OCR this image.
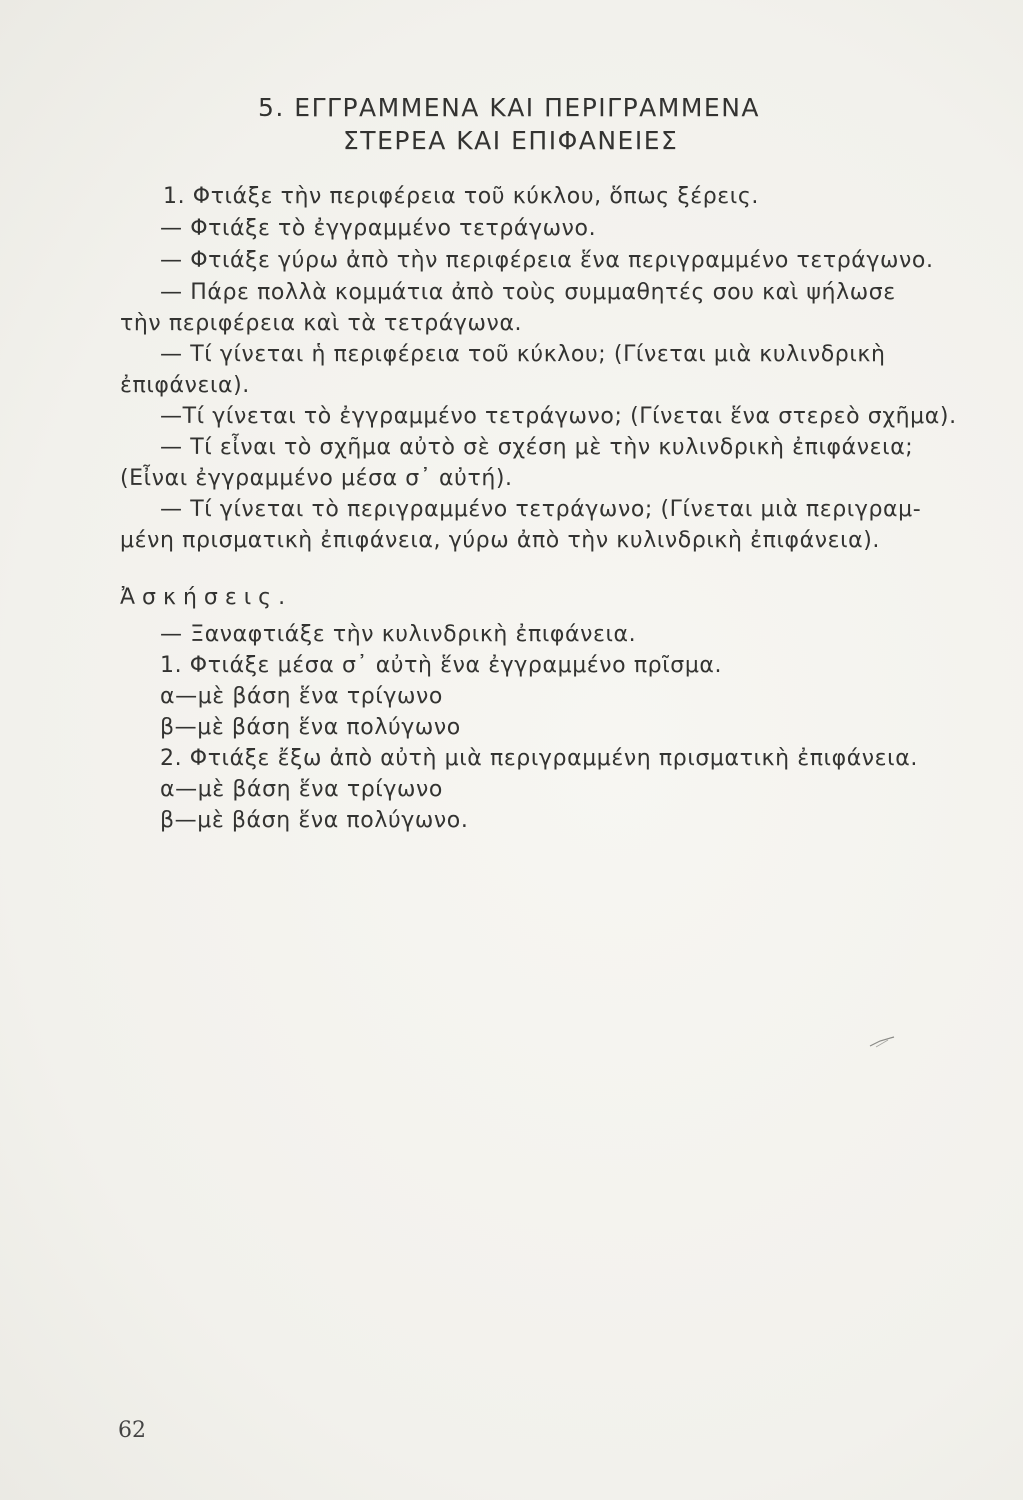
5. ΕΓΓΡΑΜΜΕΝΑ ΚΑΙ ΠΕΡΙΓΡΑΜΜΕΝΑ
ΣΤΕΡΕΑ ΚΑΙ ΕΠΙΦΑΝΕΙΕΣ
1. Φτιάξε τὴν περιφέρεια τοῦ κύκλου, ὅπως ξέρεις.
— Φτιάξε τὸ ἐγγραμμένο τετράγωνο.
— Φτιάξε γύρω ἀπὸ τὴν περιφέρεια ἕνα περιγραμμένο τετράγωνο.
— Πάρε πολλὰ κομμάτια ἀπὸ τοὺς συμμαθητές σου καὶ ψήλωσε
τὴν περιφέρεια καὶ τὰ τετράγωνα.
— Τί γίνεται ἡ περιφέρεια τοῦ κύκλου; (Γίνεται μιὰ κυλινδρικὴ
ἐπιφάνεια).
—Τί γίνεται τὸ ἐγγραμμένο τετράγωνο; (Γίνεται ἕνα στερεὸ σχῆμα).
— Τί εἶναι τὸ σχῆμα αὐτὸ σὲ σχέση μὲ τὴν κυλινδρικὴ ἐπιφάνεια;
(Εἶναι ἐγγραμμένο μέσα σ᾽ αὐτή).
— Τί γίνεται τὸ περιγραμμένο τετράγωνο; (Γίνεται μιὰ περιγραμ-
μένη πρισματικὴ ἐπιφάνεια, γύρω ἀπὸ τὴν κυλινδρικὴ ἐπιφάνεια).
Ἀσκήσεις.
— Ξαναφτιάξε τὴν κυλινδρικὴ ἐπιφάνεια.
1. Φτιάξε μέσα σ᾽ αὐτὴ ἕνα ἐγγραμμένο πρῖσμα.
α—μὲ βάση ἕνα τρίγωνο
β—μὲ βάση ἕνα πολύγωνο
2. Φτιάξε ἔξω ἀπὸ αὐτὴ μιὰ περιγραμμένη πρισματικὴ ἐπιφάνεια.
α—μὲ βάση ἕνα τρίγωνο
β—μὲ βάση ἕνα πολύγωνο.
62
